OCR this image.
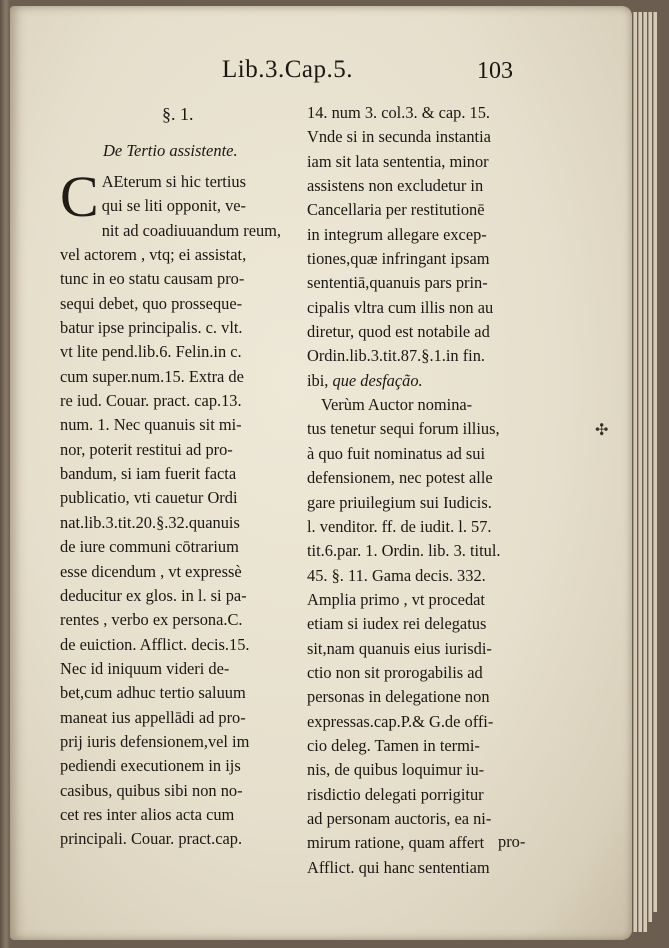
Lib.3.Cap.5.	103
§. 1.
De Tertio assistente.
C AEterum si hic tertius
qui se liti opponit, ve-
nit ad coadiuuandum reum,
vel actorem , vtq; ei assistat,
tunc in eo statu causam pro-
sequi debet, quo prosseque-
batur ipse principalis. c. vlt.
vt lite pend.lib.6. Felin.in c.
cum super.num.15. Extra de
re iud. Couar. pract. cap.13.
num. 1. Nec quanuis sit mi-
nor, poterit restitui ad pro-
bandum, si iam fuerit facta
publicatio, vti cauetur Ordi
nat.lib.3.tit.20.§.32.quanuis
de iure communi cōtrarium
esse dicendum , vt expressè
deducitur ex glos. in l. si pa-
rentes , verbo ex persona.C.
de euiction. Afflict. decis.15.
Nec id iniquum videri de-
bet,cum adhuc tertio saluum
maneat ius appellādi ad pro-
prij iuris defensionem,vel im
pediendi executionem in ijs
casibus, quibus sibi non no-
cet res inter alios acta cum
principali. Couar. pract.cap.
14. num 3. col.3. & cap. 15.
Vnde si in secunda instantia
iam sit lata sententia, minor
assistens non excludetur in
Cancellaria per restitutionē
in integrum allegare excep-
tiones,quæ infringant ipsam
sententiā,quanuis pars prin-
cipalis vltra cum illis non au
diretur, quod est notabile ad
Ordin.lib.3.tit.87.§.1.in fin.
ibi, que desfação.
Verùm Auctor nomina-
tus tenetur sequi forum illius,
à quo fuit nominatus ad sui
defensionem, nec potest alle
gare priuilegium sui Iudicis.
l. venditor. ff. de iudit. l. 57.
tit.6.par. 1. Ordin. lib. 3. titul.
45. §. 11. Gama decis. 332.
Amplia primo , vt procedat
etiam si iudex rei delegatus
sit,nam quanuis eius iurisdi-
ctio non sit prorogabilis ad
personas in delegatione non
expressas.cap.P.& G.de offi-
cio deleg. Tamen in termi-
nis, de quibus loquimur iu-
risdictio delegati porrigitur
ad personam auctoris, ea ni-
mirum ratione, quam affert
Afflict. qui hanc sententiam
pro-
✣
